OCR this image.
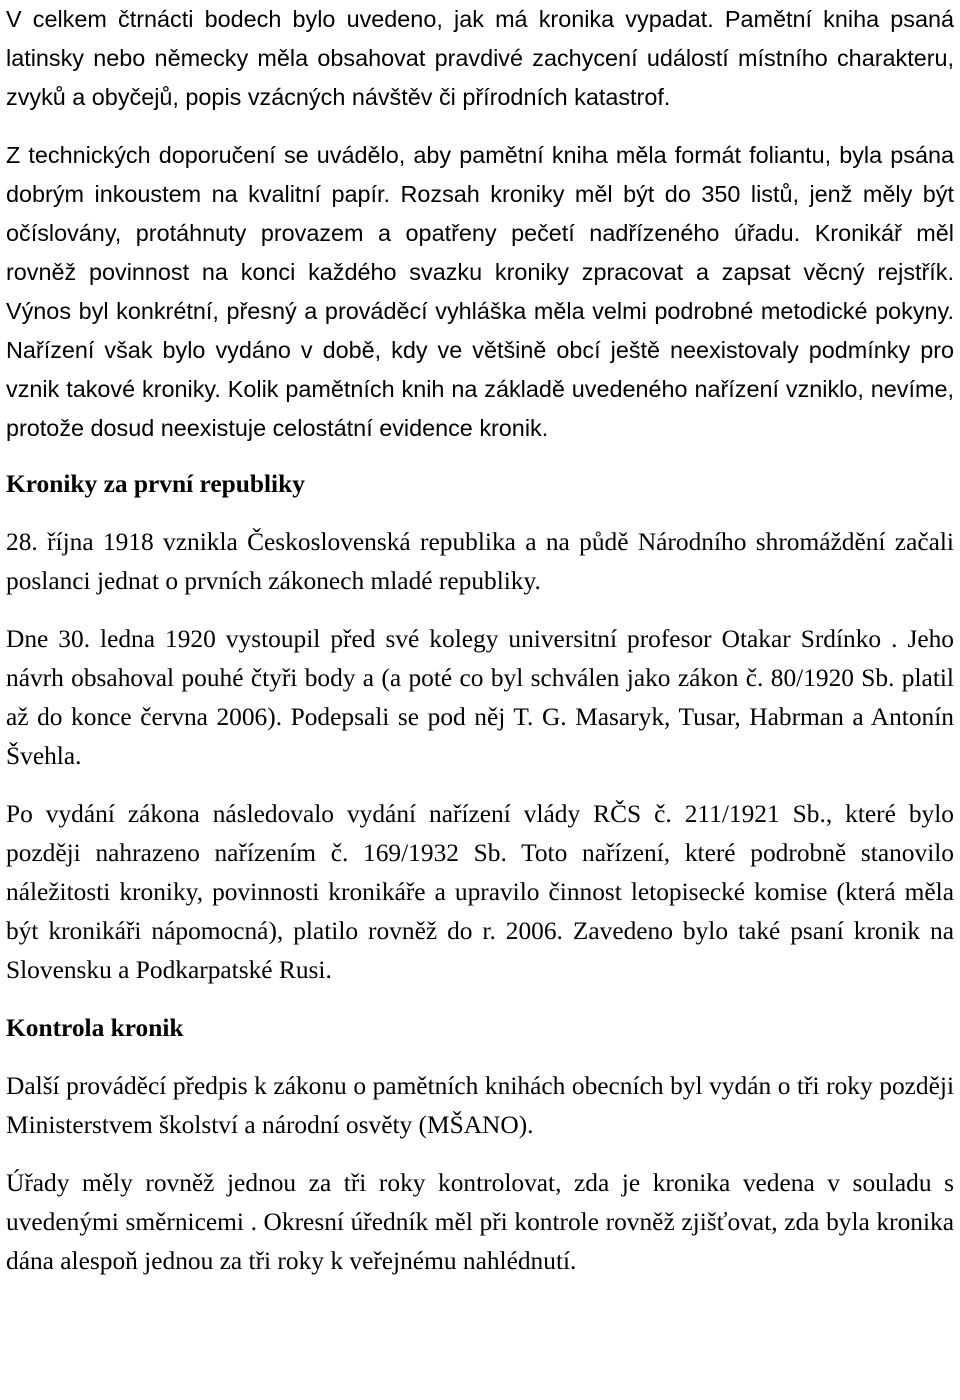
V celkem čtrnácti bodech bylo uvedeno, jak má kronika vypadat. Pamětní kniha psaná latinsky nebo německy měla obsahovat pravdivé zachycení událostí místního charakteru, zvyků a obyčejů, popis vzácných návštěv či přírodních katastrof.

Z technických doporučení se uvádělo, aby pamětní kniha měla formát foliantu, byla psána dobrým inkoustem na kvalitní papír. Rozsah kroniky měl být do 350 listů, jenž měly být očíslovány, protáhnuty provazem a opatřeny pečetí nadřízeného úřadu. Kronikář měl rovněž povinnost na konci každého svazku kroniky zpracovat a zapsat věcný rejstřík. Výnos byl konkrétní, přesný a prováděcí vyhláška měla velmi podrobné metodické pokyny. Nařízení však bylo vydáno v době, kdy ve většině obcí ještě neexistovaly podmínky pro vznik takové kroniky. Kolik pamětních knih na základě uvedeného nařízení vzniklo, nevíme, protože dosud neexistuje celostátní evidence kronik.

Kroniky za první republiky

28. října 1918 vznikla Československá republika a na půdě Národního shromáždění začali poslanci jednat o prvních zákonech mladé republiky.

Dne 30. ledna 1920 vystoupil před své kolegy universitní profesor Otakar Srdínko . Jeho návrh obsahoval pouhé čtyři body a (a poté co byl schválen jako zákon č. 80/1920 Sb. platil až do konce června 2006). Podepsali se pod něj T. G. Masaryk, Tusar, Habrman a Antonín Švehla.

Po vydání zákona následovalo vydání nařízení vlády RČS č. 211/1921 Sb., které bylo později nahrazeno nařízením č. 169/1932 Sb. Toto nařízení, které podrobně stanovilo náležitosti kroniky, povinnosti kronikáře a upravilo činnost letopisecké komise (která měla být kronikáři nápomocná), platilo rovněž do r. 2006. Zavedeno bylo také psaní kronik na Slovensku a Podkarpatské Rusi.

Kontrola kronik

Další prováděcí předpis k zákonu o pamětních knihách obecních byl vydán o tři roky později Ministerstvem školství a národní osvěty (MŠANO).

Úřady měly rovněž jednou za tři roky kontrolovat, zda je kronika vedena v souladu s uvedenými směrnicemi . Okresní úředník měl při kontrole rovněž zjišťovat, zda byla kronika dána alespoň jednou za tři roky k veřejnému nahlédnutí.
